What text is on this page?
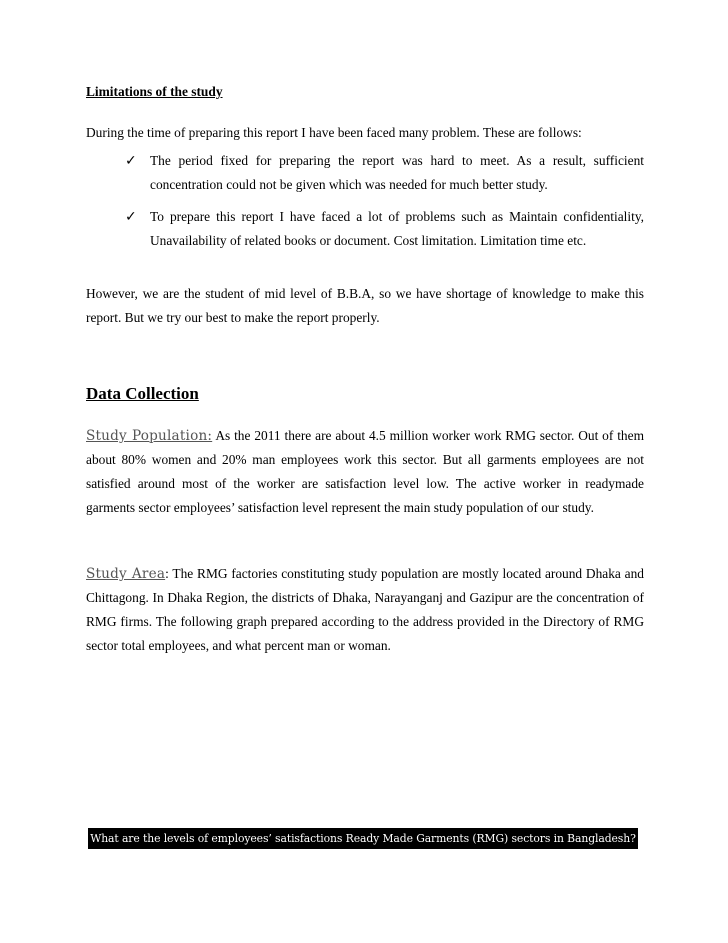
Limitations of the study
During the time of preparing this report I have been faced many problem. These are follows:

✓ The period fixed for preparing the report was hard to meet. As a result, sufficient concentration could not be given which was needed for much better study.

✓ To prepare this report I have faced a lot of problems such as Maintain confidentiality, Unavailability of related books or document. Cost limitation. Limitation time etc.

However, we are the student of mid level of B.B.A, so we have shortage of knowledge to make this report. But we try our best to make the report properly.
Data Collection
Study Population: As the 2011 there are about 4.5 million worker work RMG sector. Out of them about 80% women and 20% man employees work this sector. But all garments employees are not satisfied around most of the worker are satisfaction level low. The active worker in readymade garments sector employees’ satisfaction level represent the main study population of our study.
Study Area: The RMG factories constituting study population are mostly located around Dhaka and Chittagong. In Dhaka Region, the districts of Dhaka, Narayanganj and Gazipur are the concentration of RMG firms. The following graph prepared according to the address provided in the Directory of RMG sector total employees, and what percent man or woman.
What are the levels of employees’ satisfactions Ready Made Garments (RMG) sectors in Bangladesh?
